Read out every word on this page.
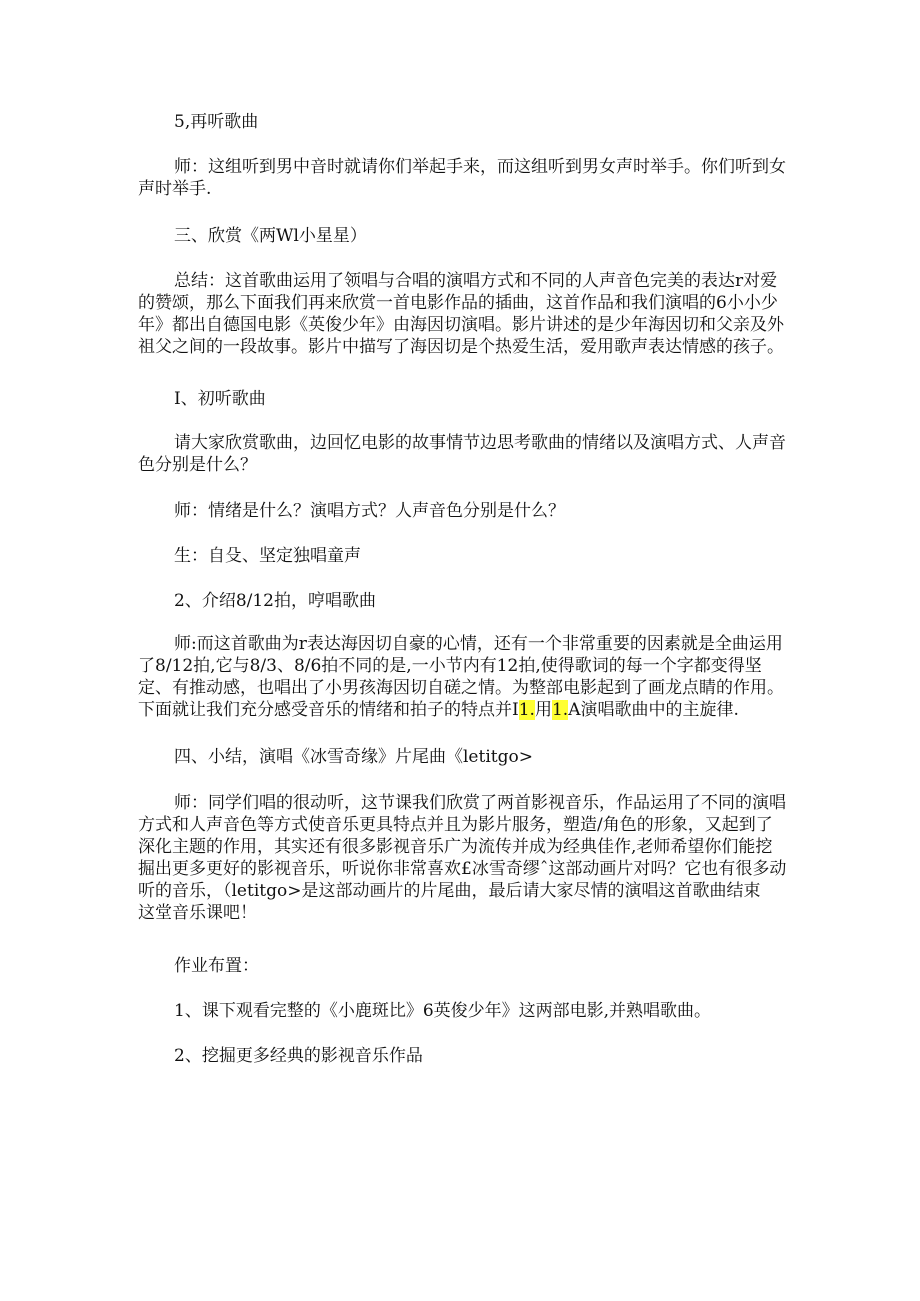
5,再听歌曲

师：这组听到男中音时就请你们举起手来，而这组听到男女声时举手。你们听到女
声时举手.

三、欣赏《两Wl小星星）

总结：这首歌曲运用了领唱与合唱的演唱方式和不同的人声音色完美的表达r对爱
的赞颂，那么下面我们再来欣赏一首电影作品的插曲，这首作品和我们演唱的6小小少
年》都出自德国电影《英俊少年》由海因切演唱。影片讲述的是少年海因切和父亲及外
祖父之间的一段故事。影片中描写了海因切是个热爱生活，爱用歌声表达情感的孩子。

I、初听歌曲

请大家欣赏歌曲，边回忆电影的故事情节边思考歌曲的情绪以及演唱方式、人声音
色分别是什么？

师：情绪是什么？演唱方式？人声音色分别是什么？

生：自殳、坚定独唱童声

2、介绍8/12拍，哼唱歌曲

师:而这首歌曲为r表达海因切自豪的心情，还有一个非常重要的因素就是全曲运用
了8/12拍,它与8/3、8/6拍不同的是,一小节内有12拍,使得歌词的每一个字都变得坚
定、有推动感，也唱出了小男孩海因切自磋之情。为整部电影起到了画龙点睛的作用。
下面就让我们充分感受音乐的情绪和拍子的特点并I1.用1.A演唱歌曲中的主旋律.

四、小结，演唱《冰雪奇缘》片尾曲《letitgo>

师：同学们唱的很动听，这节课我们欣赏了两首影视音乐，作品运用了不同的演唱
方式和人声音色等方式使音乐更具特点并且为影片服务，塑造/角色的形象，又起到了
深化主题的作用，其实还有很多影视音乐广为流传并成为经典佳作,老师希望你们能挖
掘出更多更好的影视音乐，听说你非常喜欢£冰雪奇缪ˆ这部动画片对吗？它也有很多动
听的音乐，（letitgo>是这部动画片的片尾曲，最后请大家尽情的演唱这首歌曲结束
这堂音乐课吧！

作业布置：

1、课下观看完整的《小鹿斑比》6英俊少年》这两部电影,并熟唱歌曲。

2、挖掘更多经典的影视音乐作品
